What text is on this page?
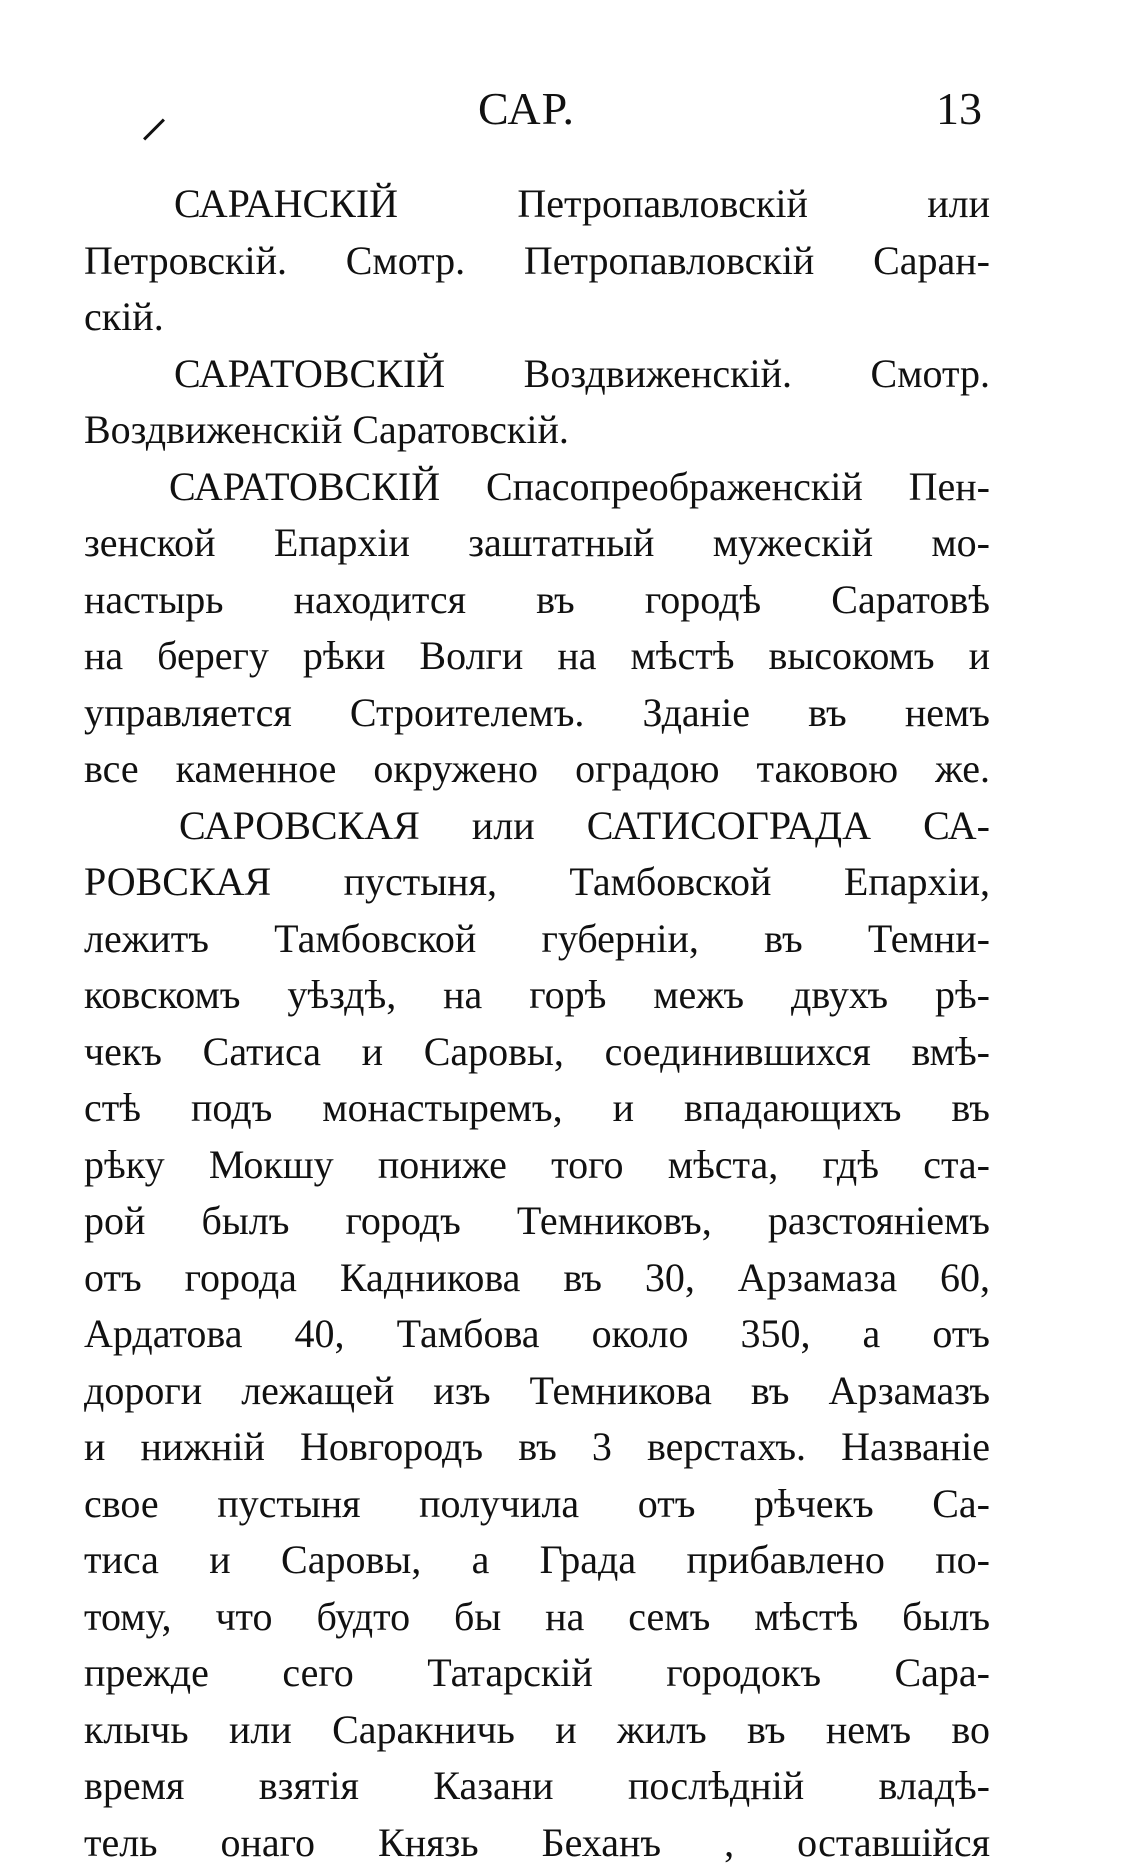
САР.	13
САРАНСКІЙ Петропавловскій или
Петровскій. Смотр. Петропавловскій Саран-
скій.
САРАТОВСКІЙ Воздвиженскій. Смотр.
Воздвиженскій Саратовскій.
САРАТОВСКІЙ Спасопреображенскій Пен-
зенской Епархіи заштатный мужескій мо-
настырь находится въ городѣ Саратовѣ
на берегу рѣки Волги на мѣстѣ высокомъ и
управляется Строителемъ. Зданіе въ немъ
все каменное окружено оградою таковою же.
САРОВСКАЯ или САТИСОГРАДА СА-
РОВСКАЯ пустыня, Тамбовской Епархіи,
лежитъ Тамбовской губерніи, въ Темни-
ковскомъ уѣздѣ, на горѣ межъ двухъ рѣ-
чекъ Сатиса и Саровы, соединившихся вмѣ-
стѣ подъ монастыремъ, и впадающихъ въ
рѣку Мокшу пониже того мѣста, гдѣ ста-
рой былъ городъ Темниковъ, разстояніемъ
отъ города Кадникова въ 30, Арзамаза 60,
Ардатова 40, Тамбова около 350, а отъ
дороги лежащей изъ Темникова въ Арзамазъ
и нижній Новгородъ въ 3 верстахъ. Названіе
свое пустыня получила отъ рѣчекъ Са-
тиса и Саровы, а Града прибавлено по-
тому, что будто бы на семъ мѣстѣ былъ
прежде сего Татарскій городокъ Сара-
клычь или Саракничь и жилъ въ немъ во
время взятія Казани послѣдній владѣ-
тель онаго Князь Беханъ , оставшійся
